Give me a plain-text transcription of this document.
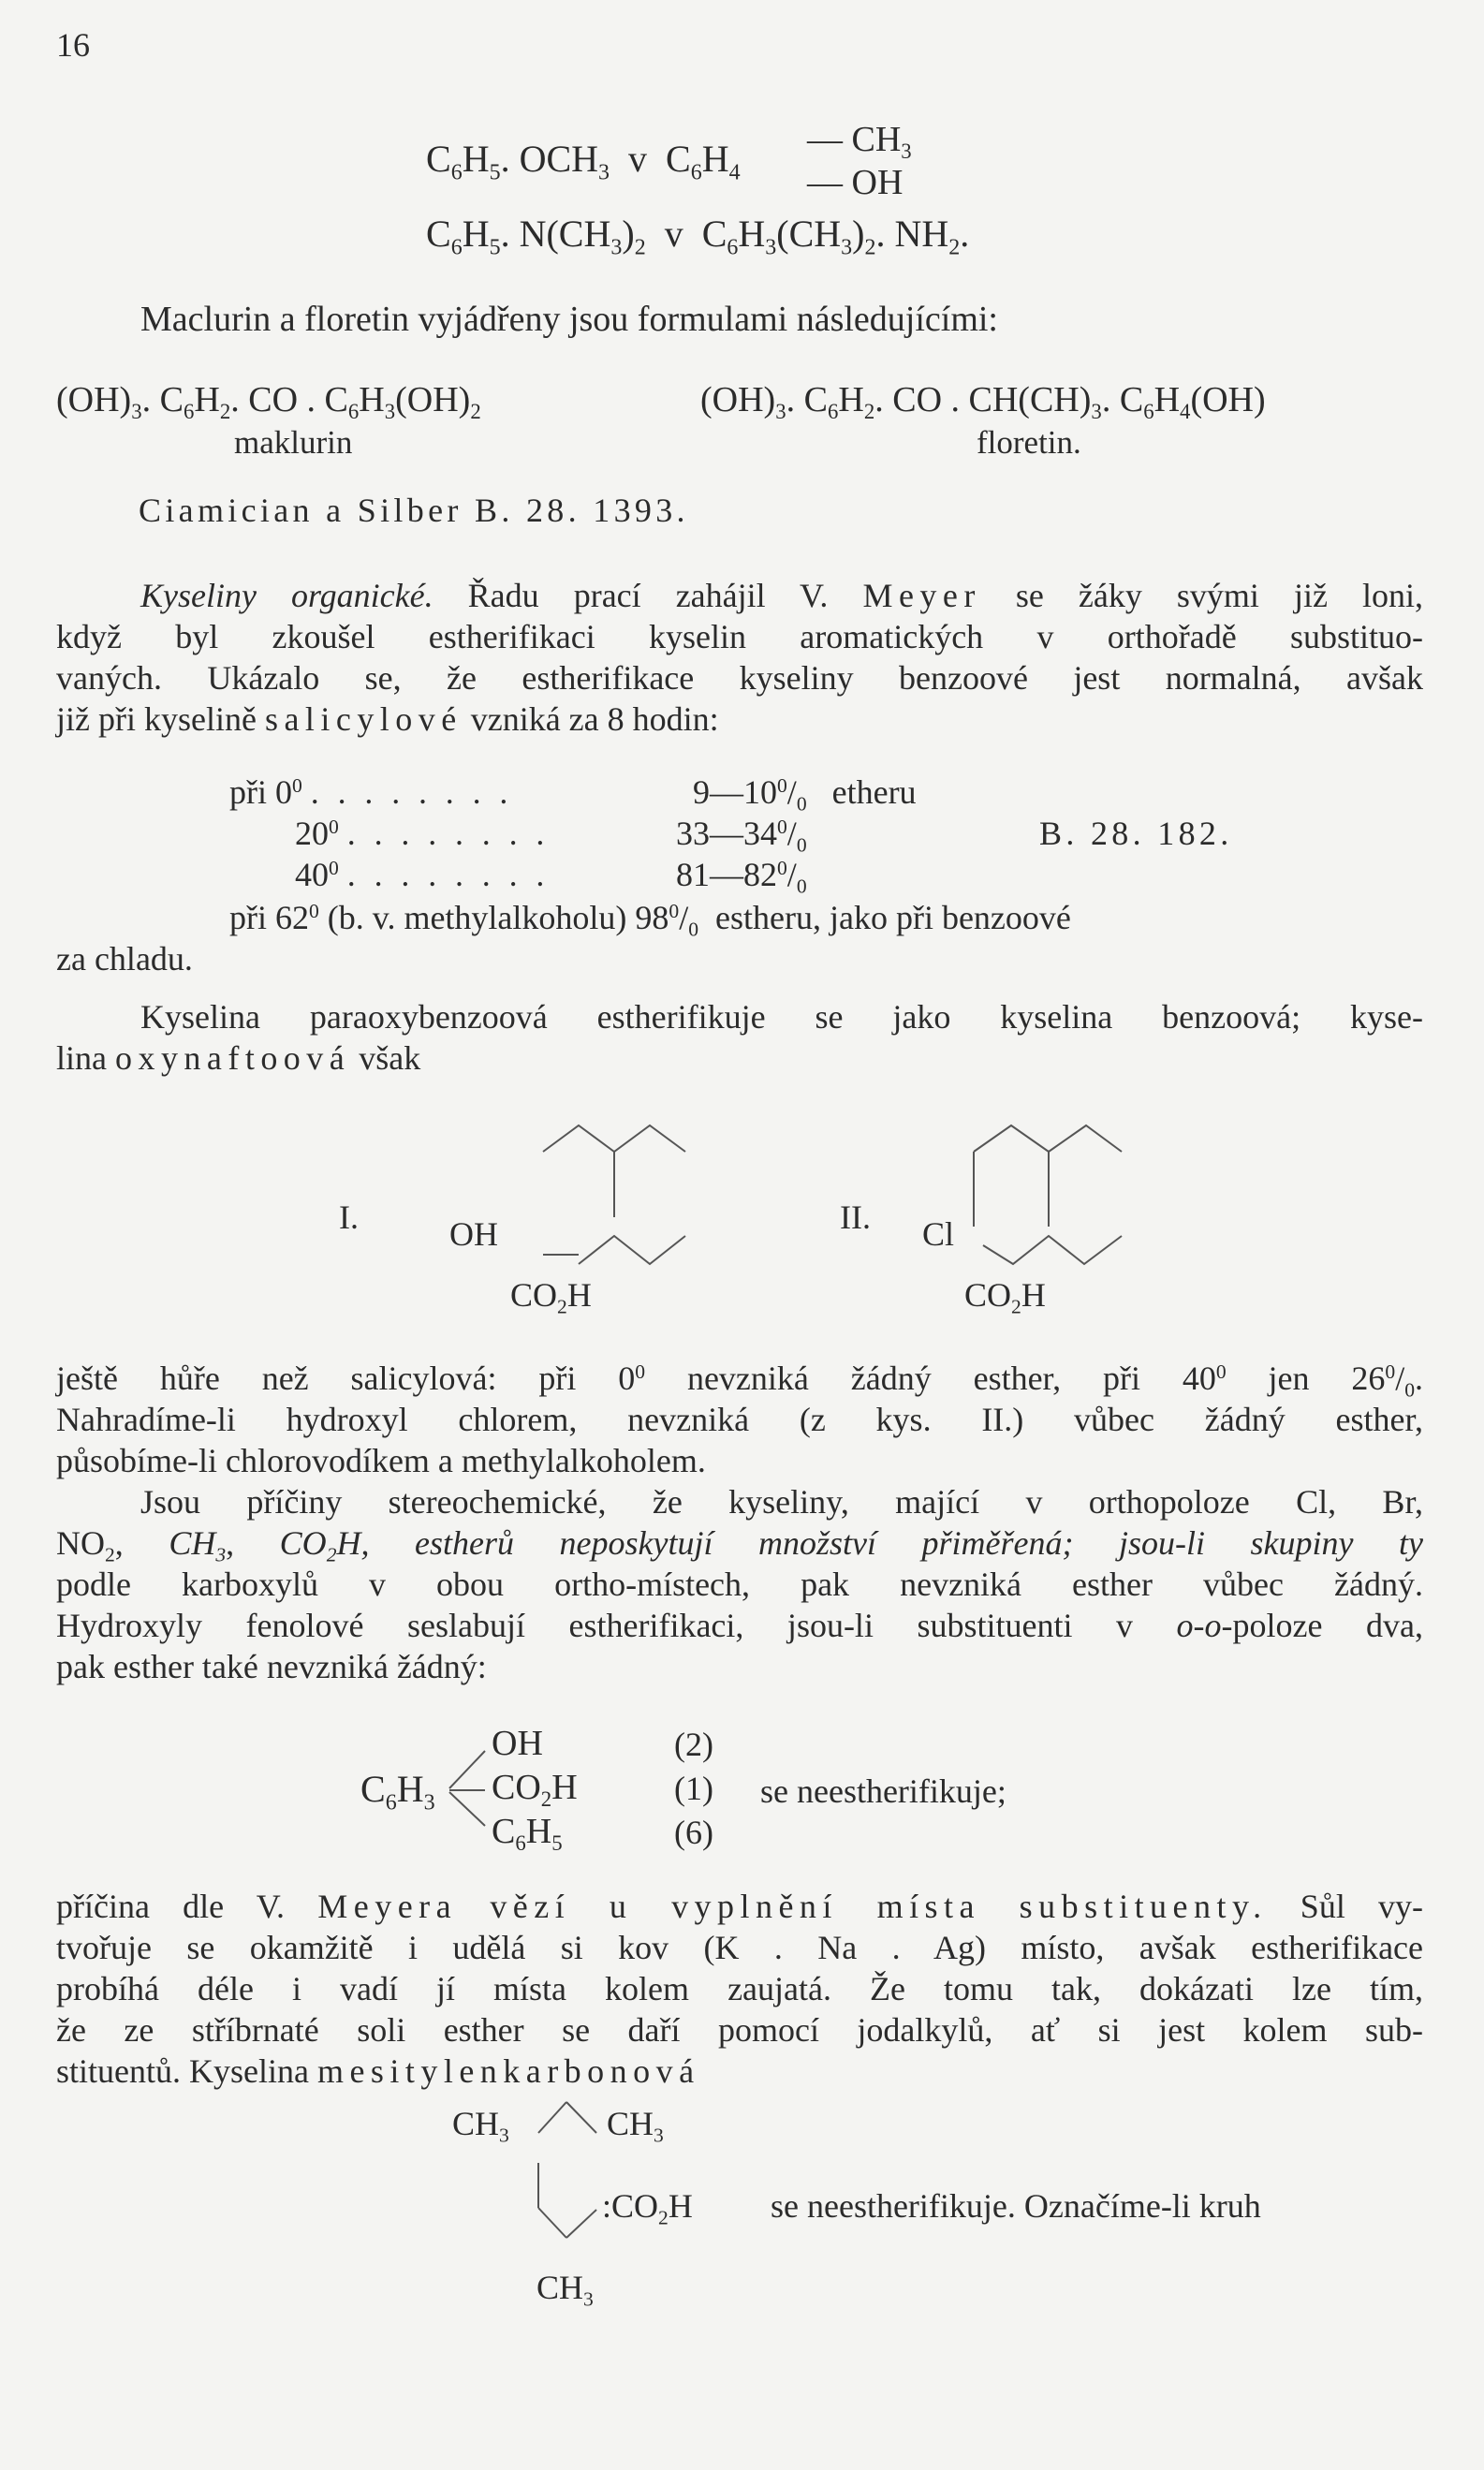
16
$C_6H_5$. $OCH_3$ v $C_6H_4$
— $CH_3$
— OH
$C_6H_5$. $N(CH_3)_2$ v $C_6H_3(CH_3)_2$. $NH_2$.
Maclurin a floretin vyjádřeny jsou formulami následujícími:
$(OH)_3$. $C_6H_2$. CO . $C_6H_3(OH)_2$
maklurin
$(OH)_3$. $C_6H_2$. CO . $CH(CH)_3$. $C_6H_4(OH)$
floretin.
Ciamician a Silber B. 28. 1393.
Kyseliny organické. Řadu prací zahájil V. Meyer se žáky svými již loni,
když byl zkoušel estherifikaci kyselin aromatických v orthořadě substituo-
vaných. Ukázalo se, že estherifikace kyseliny benzoové jest normalná, avšak
již při kyselině salicylové vzniká za 8 hodin:
při $0^0$ . . . . . . . .	$9—10^0/_0$ etheru
$20^0$ . . . . . . . .	$33—34^0/_0$	B. 28. 182.
$40^0$ . . . . . . . .	$81—82^0/_0$
při $62^0$ (b. v. methylalkoholu) $98^0/_0$ estheru, jako při benzoové
za chladu.
Kyselina paraoxybenzoová estherifikuje se jako kyselina benzoová; kyse-
lina oxynaftoová však
I.	OH
$CO_2H$
II. Cl
$CO_2H$
ještě hůře než salicylová: při $0^0$ nevzniká žádný esther, při $40^0$ jen $26^0/_0$.
Nahradíme-li hydroxyl chlorem, nevzniká (z kys. II.) vůbec žádný esther,
působíme-li chlorovodíkem a methylalkoholem.
Jsou příčiny stereochemické, že kyseliny, mající v orthopoloze Cl, Br,
$NO_2$, $CH_3$, $CO_2H$, estherů neposkytují množství přiměřená; jsou-li skupiny ty
podle karboxylů v obou ortho-místech, pak nevzniká esther vůbec žádný.
Hydroxyly fenolové seslabují estherifikaci, jsou-li substituenti v o-o-poloze dva,
pak esther také nevzniká žádný:
$C_6H_3$
OH
$CO_2H$
$C_6H_5$
(2)
(1)
(6)
se neestherifikuje;
příčina dle V. Meyera vězí u vyplnění místa substituenty. Sůl vy-
tvořuje se okamžitě i udělá si kov (K . Na . Ag) místo, avšak estherifikace
probíhá déle i vadí jí místa kolem zaujatá. Že tomu tak, dokázati lze tím,
že ze stříbrnaté soli esther se daří pomocí jodalkylů, ať si jest kolem sub-
stituentů. Kyselina mesitylenkarbonová
$CH_3$	$CH_3$
$:CO_2H$
$CH_3$
se neestherifikuje. Označíme-li kruh
